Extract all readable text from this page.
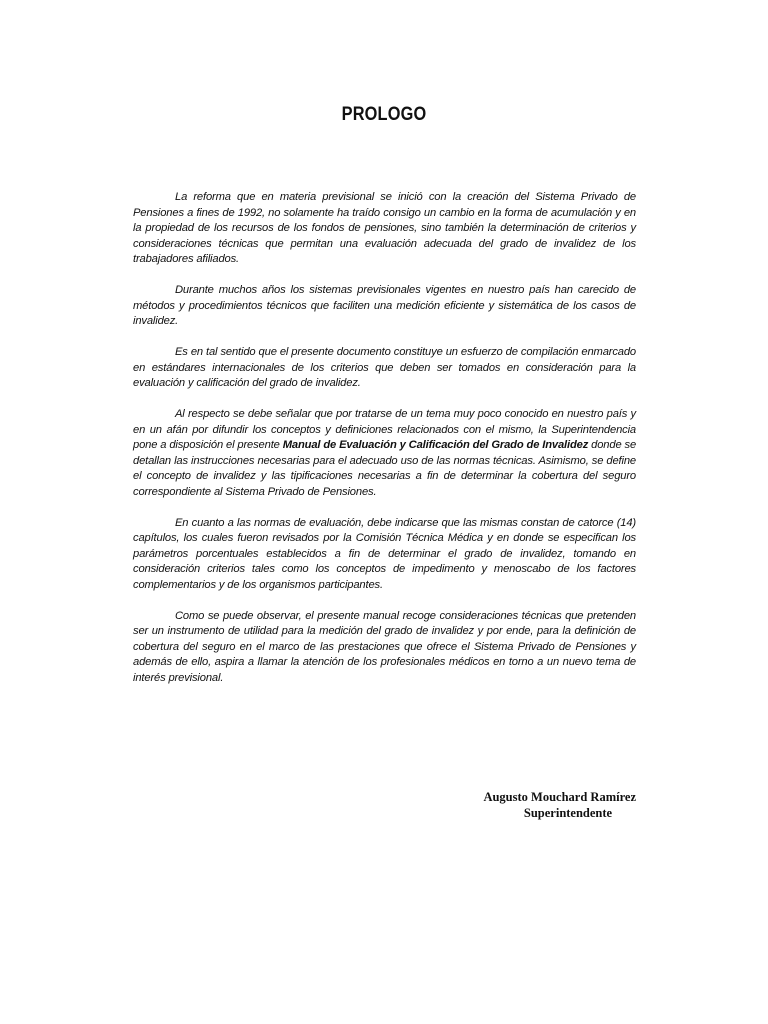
PROLOGO

La reforma que en materia previsional se inició con la creación del Sistema Privado de Pensiones a fines de 1992, no solamente ha traído consigo un cambio en la forma de acumulación y en la propiedad de los recursos de los fondos de pensiones, sino también la determinación de criterios y consideraciones técnicas que permitan una evaluación adecuada del grado de invalidez de los trabajadores afiliados.

Durante muchos años los sistemas previsionales vigentes en nuestro país han carecido de métodos y procedimientos técnicos que faciliten una medición eficiente y sistemática de los casos de invalidez.

Es en tal sentido que el presente documento constituye un esfuerzo de compilación enmarcado en estándares internacionales de los criterios que deben ser tomados en consideración para la evaluación y calificación del grado de invalidez.

Al respecto se debe señalar que por tratarse de un tema muy poco conocido en nuestro país y en un afán por difundir los conceptos y definiciones relacionados con el mismo, la Superintendencia pone a disposición el presente Manual de Evaluación y Calificación del Grado de Invalidez donde se detallan las instrucciones necesarias para el adecuado uso de las normas técnicas. Asimismo, se define el concepto de invalidez y las tipificaciones necesarias a fin de determinar la cobertura del seguro correspondiente al Sistema Privado de Pensiones.

En cuanto a las normas de evaluación, debe indicarse que las mismas constan de catorce (14) capítulos, los cuales fueron revisados por la Comisión Técnica Médica y en donde se especifican los parámetros porcentuales establecidos a fin de determinar el grado de invalidez, tomando en consideración criterios tales como los conceptos de impedimento y menoscabo de los factores complementarios y de los organismos participantes.

Como se puede observar, el presente manual recoge consideraciones técnicas que pretenden ser un instrumento de utilidad para la medición del grado de invalidez y por ende, para la definición de cobertura del seguro en el marco de las prestaciones que ofrece el Sistema Privado de Pensiones y además de ello, aspira a llamar la atención de los profesionales médicos en torno a un nuevo tema de interés previsional.

Augusto Mouchard Ramírez

Superintendente
